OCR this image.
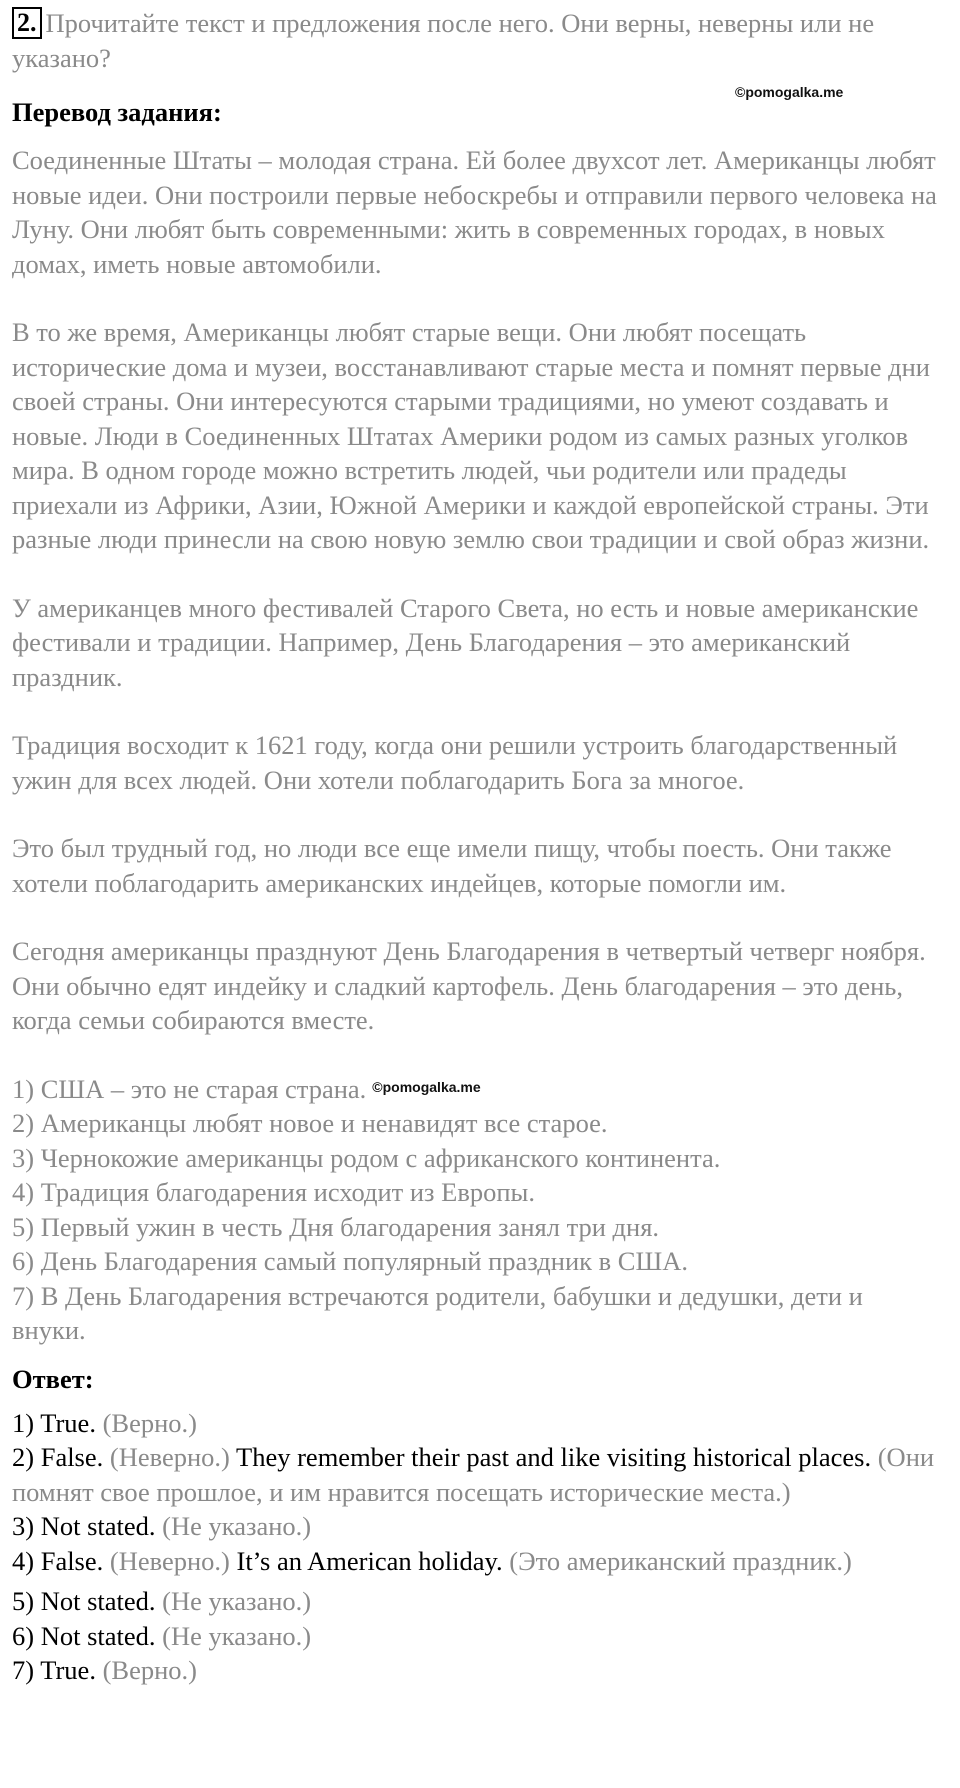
2. Прочитайте текст и предложения после него. Они верны, неверны или не указано?

Перевод задания:

Соединенные Штаты – молодая страна. Ей более двухсот лет. Американцы любят новые идеи. Они построили первые небоскребы и отправили первого человека на Луну. Они любят быть современными: жить в современных городах, в новых домах, иметь новые автомобили.

В то же время, Американцы любят старые вещи. Они любят посещать исторические дома и музеи, восстанавливают старые места и помнят первые дни своей страны. Они интересуются старыми традициями, но умеют создавать и новые. Люди в Соединенных Штатах Америки родом из самых разных уголков мира. В одном городе можно встретить людей, чьи родители или прадеды приехали из Африки, Азии, Южной Америки и каждой европейской страны. Эти разные люди принесли на свою новую землю свои традиции и свой образ жизни.

У американцев много фестивалей Старого Света, но есть и новые американские фестивали и традиции. Например, День Благодарения – это американский праздник.

Традиция восходит к 1621 году, когда они решили устроить благодарственный ужин для всех людей. Они хотели поблагодарить Бога за многое.

Это был трудный год, но люди все еще имели пищу, чтобы поесть. Они также хотели поблагодарить американских индейцев, которые помогли им.

Сегодня американцы празднуют День Благодарения в четвертый четверг ноября. Они обычно едят индейку и сладкий картофель. День благодарения – это день, когда семьи собираются вместе.

1) США – это не старая страна. ©pomogalka.me

2) Американцы любят новое и ненавидят все старое.

3) Чернокожие американцы родом с африканского континента.

4) Традиция благодарения исходит из Европы.

5) Первый ужин в честь Дня благодарения занял три дня.

6) День Благодарения самый популярный праздник в США.

7) В День Благодарения встречаются родители, бабушки и дедушки, дети и внуки.

Ответ:

1) True. (Верно.)

2) False. (Неверно.) They remember their past and like visiting historical places. (Они помнят свое прошлое, и им нравится посещать исторические места.)

3) Not stated. (Не указано.)

4) False. (Неверно.) It’s an American holiday. (Это американский праздник.)

5) Not stated. (Не указано.)

6) Not stated. (Не указано.)

7) True. (Верно.)

©pomogalka.me
